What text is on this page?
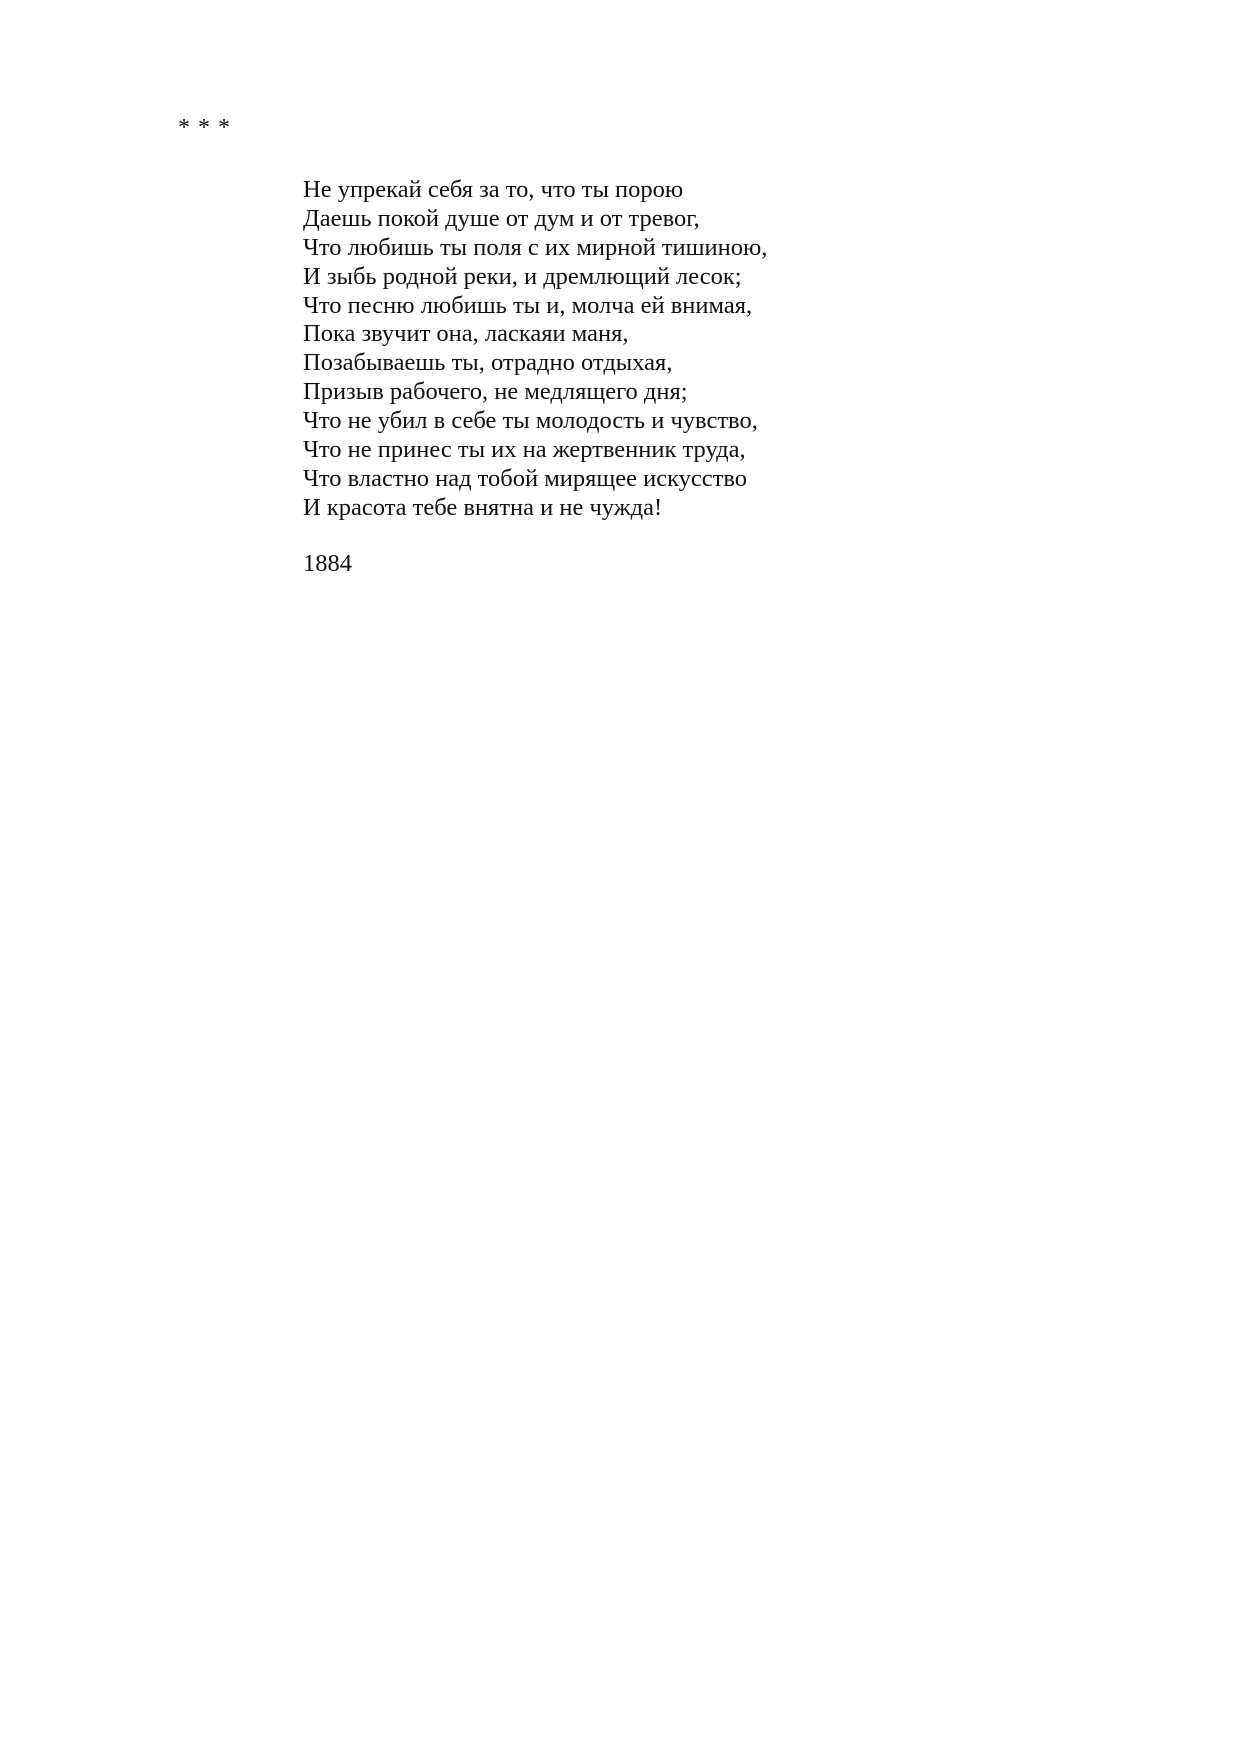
* * *
Не упрекай себя за то, что ты порою
Даешь покой душе от дум и от тревог,
Что любишь ты поля с их мирной тишиною,
И зыбь родной реки, и дремлющий лесок;
Что песню любишь ты и, молча ей внимая,
Пока звучит она, ласкаяи маня,
Позабываешь ты, отрадно отдыхая,
Призыв рабочего, не медлящего дня;
Что не убил в себе ты молодость и чувство,
Что не принес ты их на жертвенник труда,
Что властно над тобой мирящее искусство
И красота тебе внятна и не чужда!
1884
